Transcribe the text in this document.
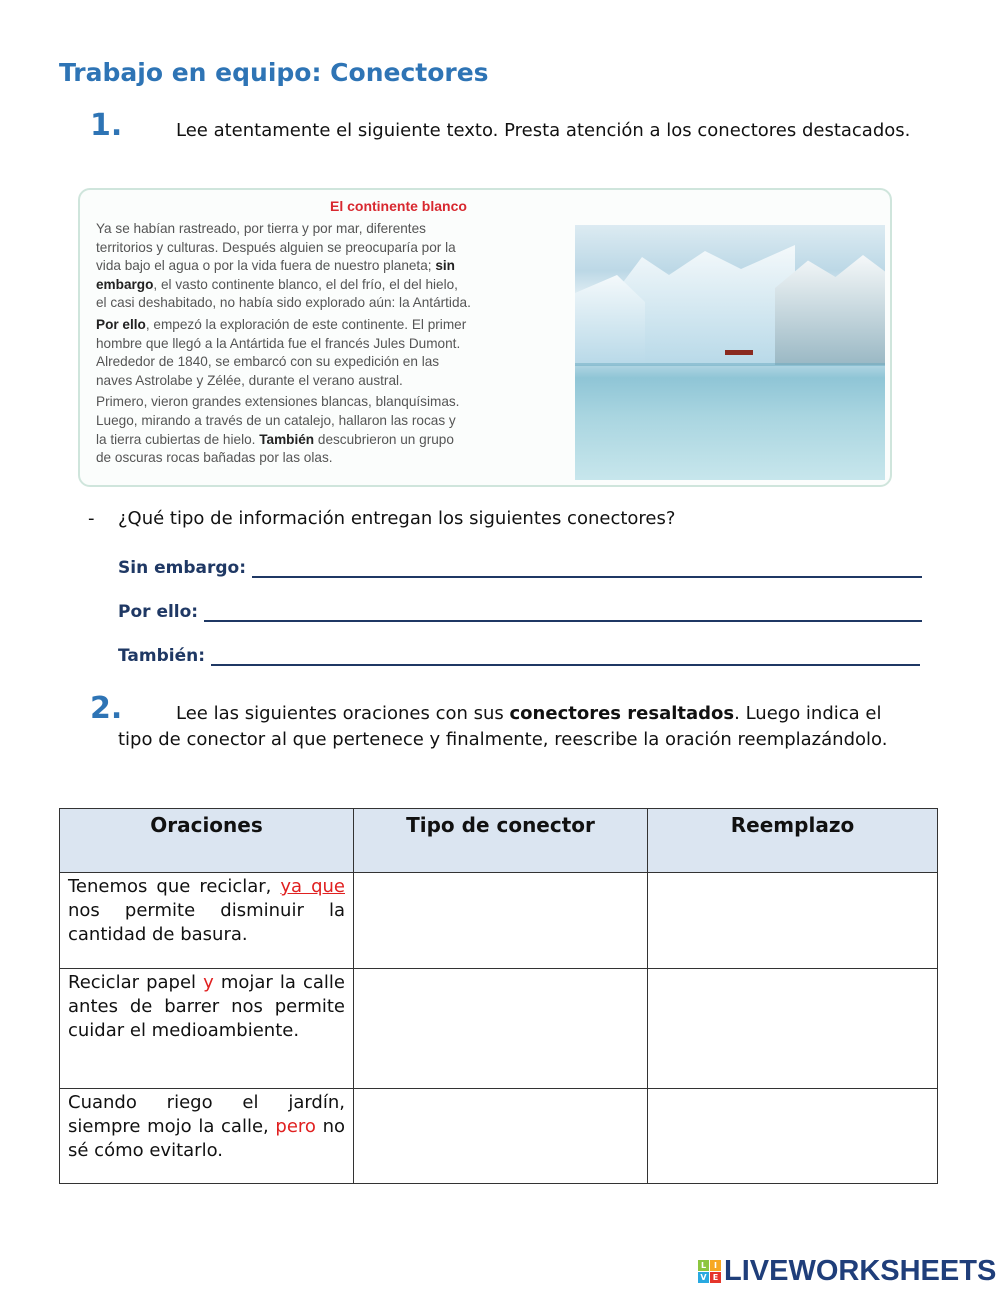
Trabajo en equipo: Conectores
1.	Lee atentamente el siguiente texto. Presta atención a los conectores destacados.
El continente blanco
Ya se habían rastreado, por tierra y por mar, diferentes
territorios y culturas. Después alguien se preocuparía por la
vida bajo el agua o por la vida fuera de nuestro planeta; sin
embargo, el vasto continente blanco, el del frío, el del hielo,
el casi deshabitado, no había sido explorado aún: la Antártida.
Por ello, empezó la exploración de este continente. El primer
hombre que llegó a la Antártida fue el francés Jules Dumont.
Alrededor de 1840, se embarcó con su expedición en las
naves Astrolabe y Zélée, durante el verano austral.
Primero, vieron grandes extensiones blancas, blanquísimas.
Luego, mirando a través de un catalejo, hallaron las rocas y
la tierra cubiertas de hielo. También descubrieron un grupo
de oscuras rocas bañadas por las olas.
- ¿Qué tipo de información entregan los siguientes conectores?
Sin embargo:
Por ello:
También:
2.	Lee las siguientes oraciones con sus conectores resaltados. Luego indica el tipo de conector al que pertenece y finalmente, reescribe la oración reemplazándolo.
Oraciones	Tipo de conector	Reemplazo
Tenemos que reciclar, ya que nos permite disminuir la cantidad de basura.		
Reciclar papel y mojar la calle antes de barrer nos permite cuidar el medioambiente.		
Cuando riego el jardín, siempre mojo la calle, pero no sé cómo evitarlo.		
L I
V E LIVEWORKSHEETS
